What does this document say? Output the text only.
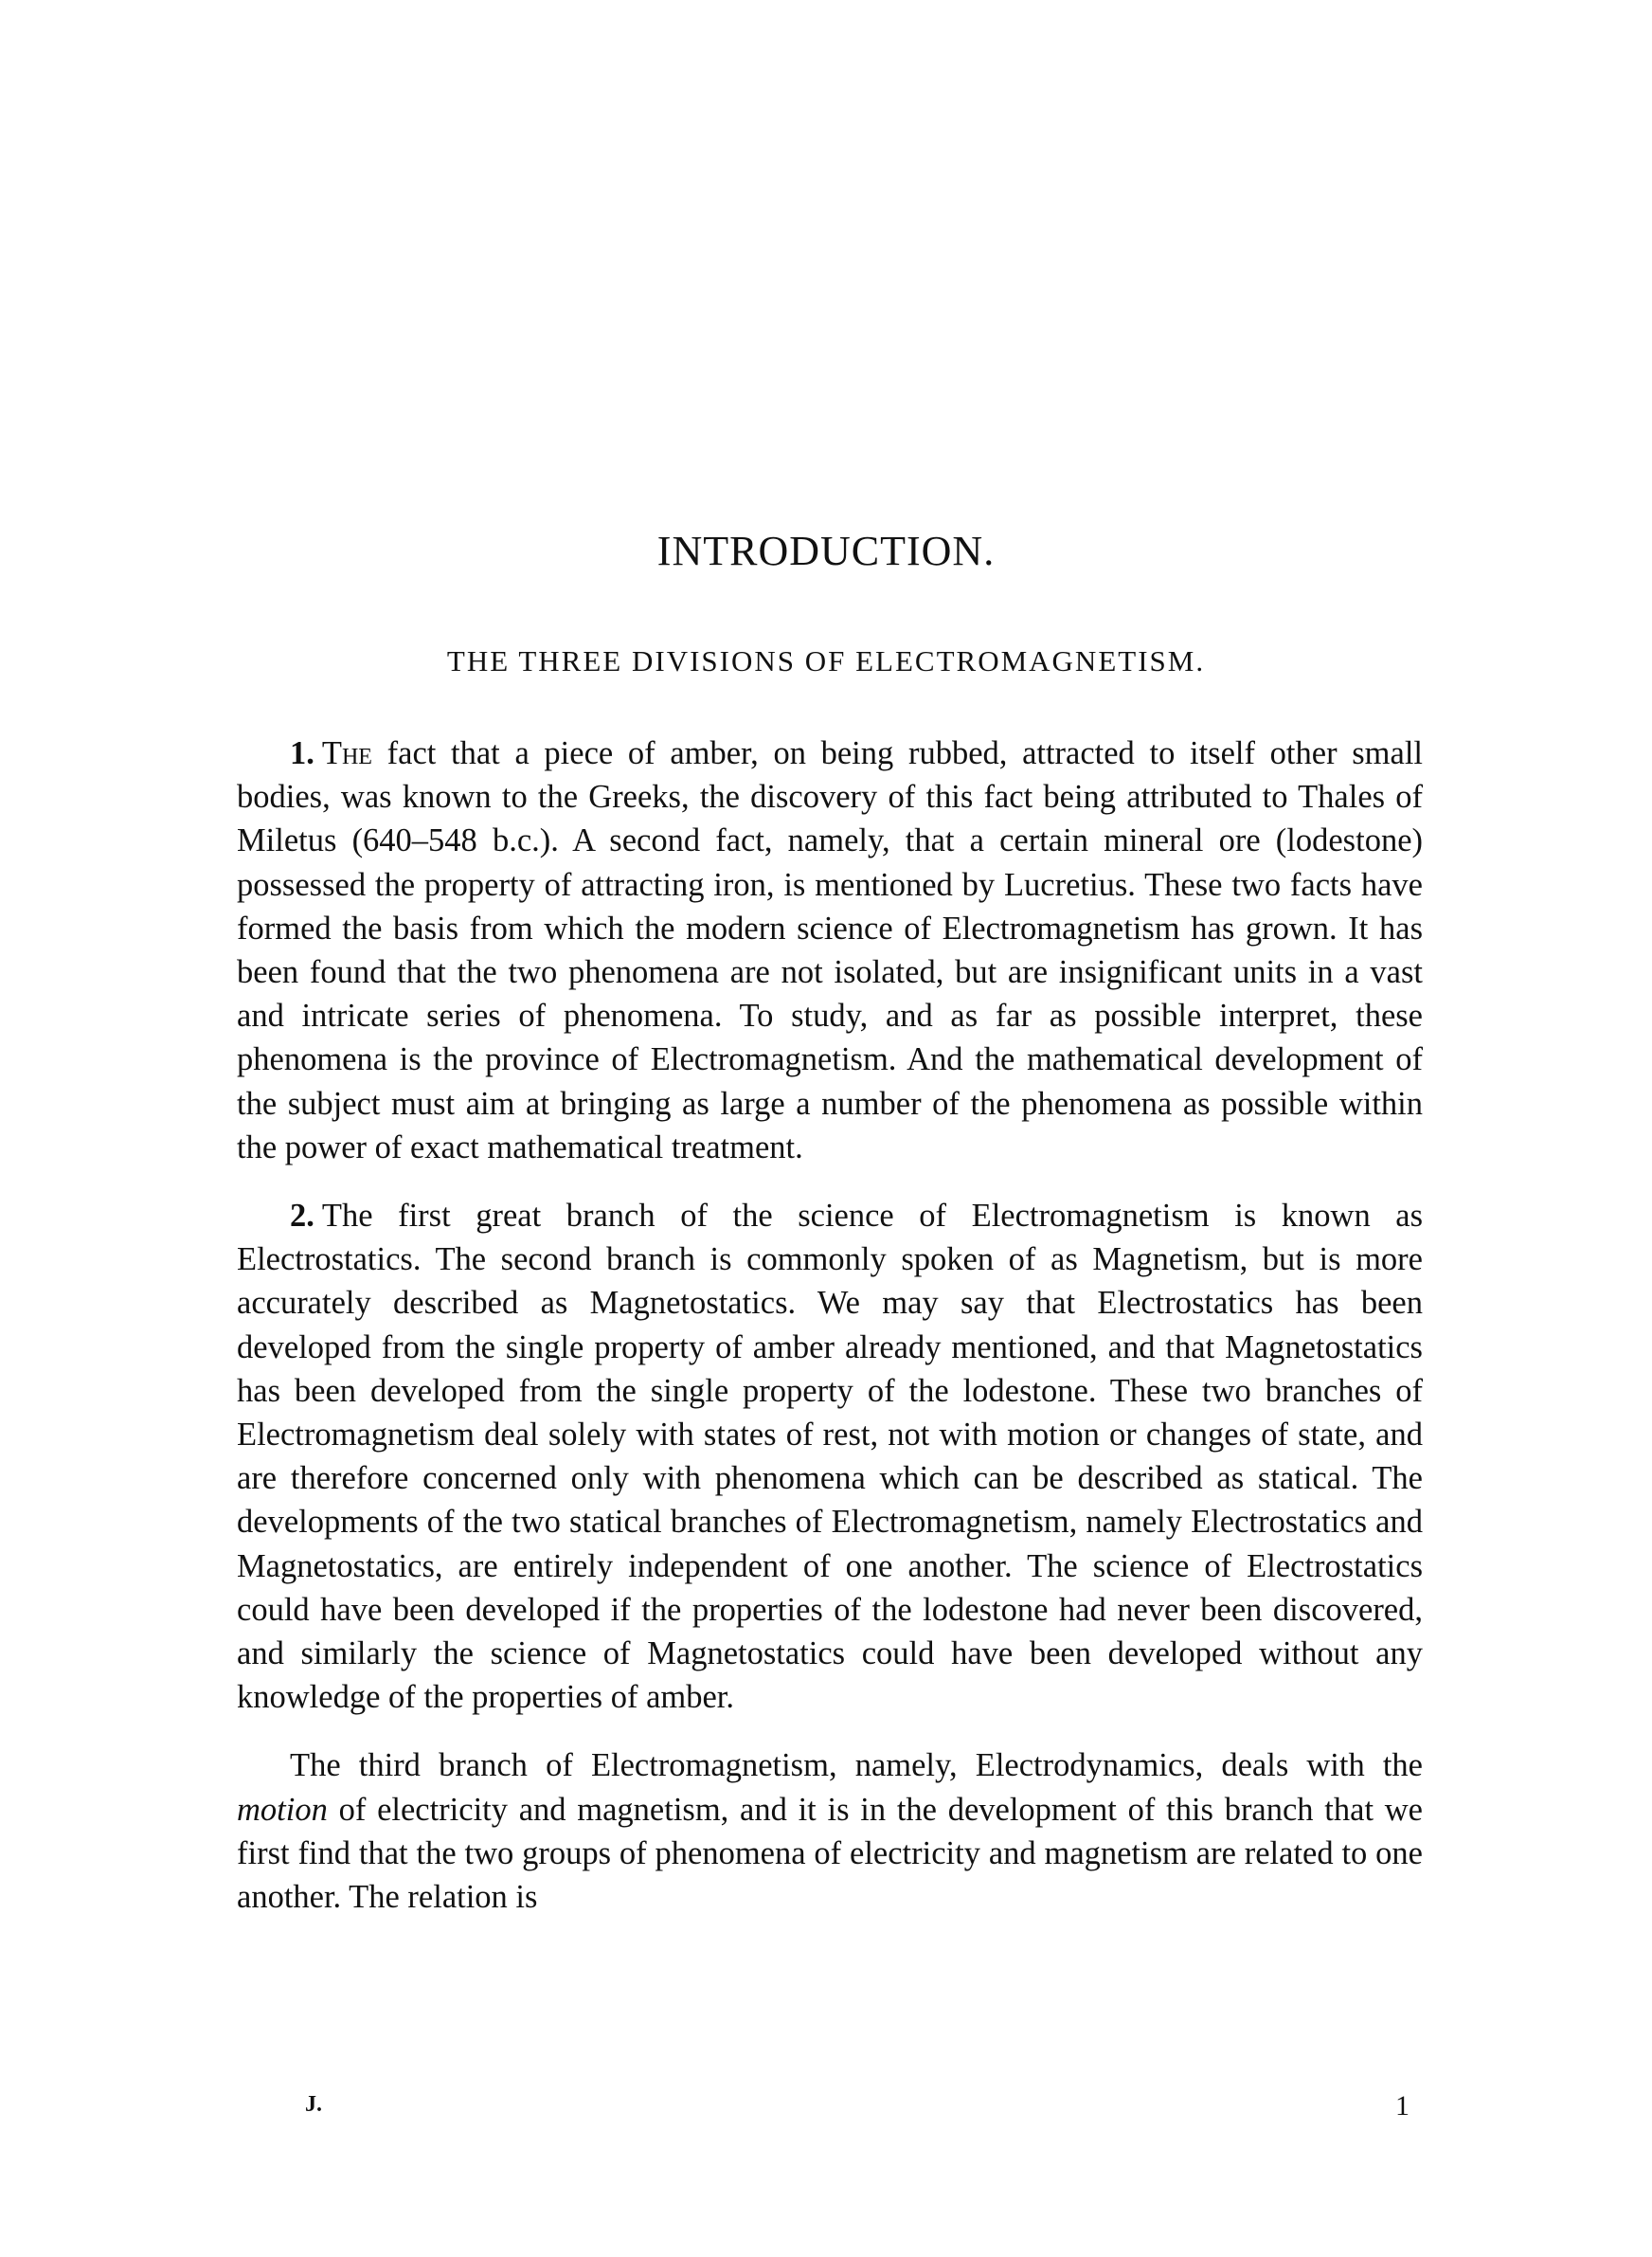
INTRODUCTION.
THE THREE DIVISIONS OF ELECTROMAGNETISM.

1. The fact that a piece of amber, on being rubbed, attracted to itself other small bodies, was known to the Greeks, the discovery of this fact being attributed to Thales of Miletus (640–548 b.c.). A second fact, namely, that a certain mineral ore (lodestone) possessed the property of attracting iron, is mentioned by Lucretius. These two facts have formed the basis from which the modern science of Electromagnetism has grown. It has been found that the two phenomena are not isolated, but are insignificant units in a vast and intricate series of phenomena. To study, and as far as possible interpret, these phenomena is the province of Electromagnetism. And the mathematical development of the subject must aim at bringing as large a number of the phenomena as possible within the power of exact mathematical treatment.

2. The first great branch of the science of Electromagnetism is known as Electrostatics. The second branch is commonly spoken of as Magnetism, but is more accurately described as Magnetostatics. We may say that Electrostatics has been developed from the single property of amber already mentioned, and that Magnetostatics has been developed from the single property of the lodestone. These two branches of Electromagnetism deal solely with states of rest, not with motion or changes of state, and are therefore concerned only with phenomena which can be described as statical. The developments of the two statical branches of Electromagnetism, namely Electrostatics and Magnetostatics, are entirely independent of one another. The science of Electrostatics could have been developed if the properties of the lodestone had never been discovered, and similarly the science of Magnetostatics could have been developed without any knowledge of the properties of amber.

The third branch of Electromagnetism, namely, Electrodynamics, deals with the motion of electricity and magnetism, and it is in the development of this branch that we first find that the two groups of phenomena of electricity and magnetism are related to one another. The relation is

J.	1
